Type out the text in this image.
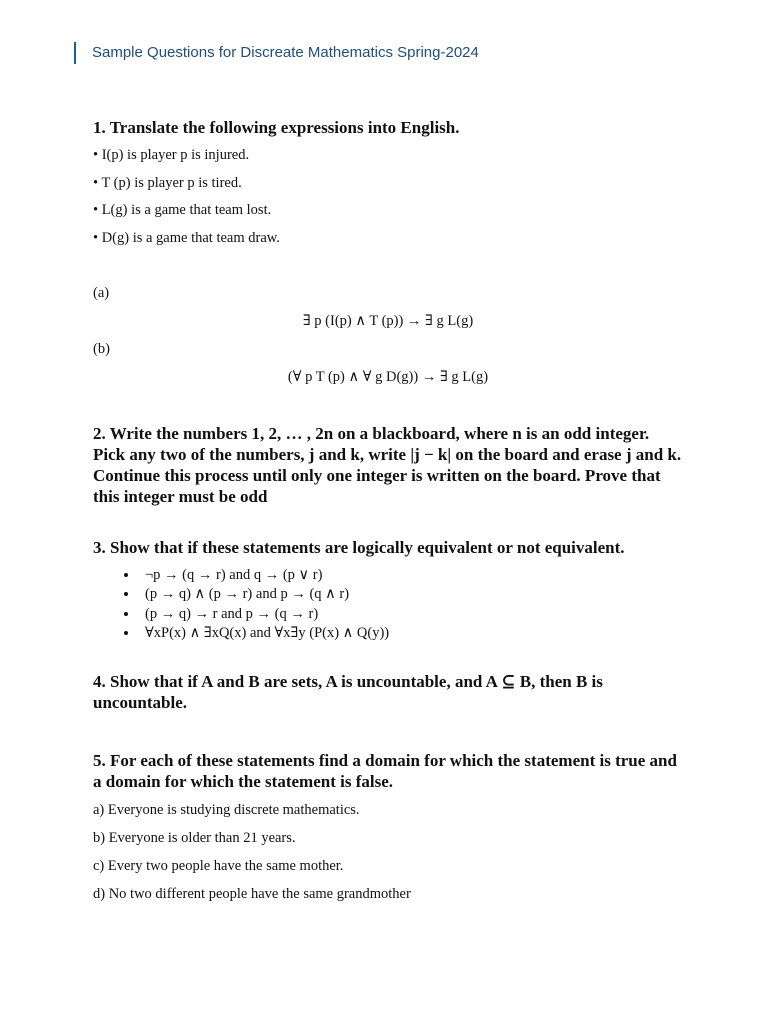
Sample Questions for Discreate Mathematics Spring-2024

1. Translate the following expressions into English.

• I(p) is player p is injured.

• T (p) is player p is tired.

• L(g) is a game that team lost.

• D(g) is a game that team draw.

(a)

∃ p (I(p) ∧ T (p)) → ∃ g L(g)

(b)

(∀ p T (p) ∧ ∀ g D(g)) → ∃ g L(g)

2. Write the numbers 1, 2, … , 2n on a blackboard, where n is an odd integer. Pick any two of the numbers, j and k, write |j − k| on the board and erase j and k. Continue this process until only one integer is written on the board. Prove that this integer must be odd

3. Show that if these statements are logically equivalent or not equivalent.

• ¬p → (q → r) and q → (p ∨ r)
• (p → q) ∧ (p → r) and p → (q ∧ r)
• (p → q) → r and p → (q → r)
• ∀xP(x) ∧ ∃xQ(x) and ∀x∃y (P(x) ∧ Q(y))

4. Show that if A and B are sets, A is uncountable, and A ⊆ B, then B is uncountable.

5. For each of these statements find a domain for which the statement is true and a domain for which the statement is false.

a) Everyone is studying discrete mathematics.

b) Everyone is older than 21 years.

c) Every two people have the same mother.

d) No two different people have the same grandmother
